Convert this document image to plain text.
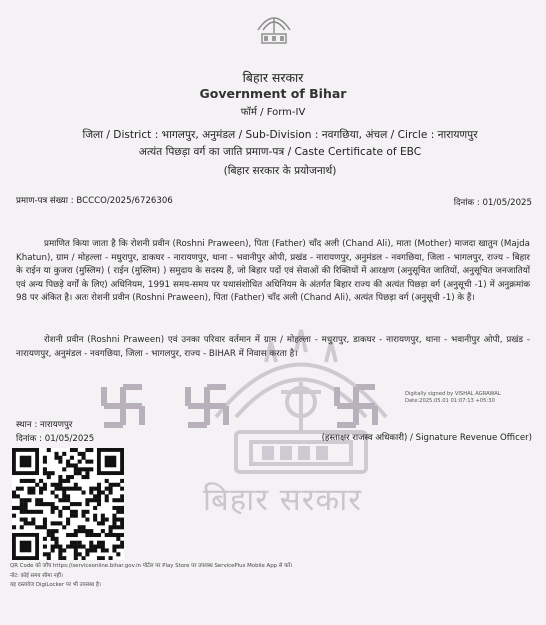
बिहार सरकार
बिहार सरकार
Government of Bihar
फॉर्म / Form-IV
जिला / District : भागलपुर, अनुमंडल / Sub-Division : नवगछिया, अंचल / Circle : नारायणपुर
अत्यंत पिछड़ा वर्ग का जाति प्रमाण-पत्र / Caste Certificate of EBC
(बिहार सरकार के प्रयोजनार्थ)
प्रमाण-पत्र संख्या : BCCCO/2025/6726306	दिनांक : 01/05/2025
प्रमाणित किया जाता है कि रोशनी प्रवीन (Roshni Praween), पिता (Father) चाँद अली (Chand Ali), माता (Mother) माजदा खातुन (Majda Khatun), ग्राम / मोहल्ला - मधुरापुर, डाकघर - नारायणपुर, थाना - भवानीपुर ओपी, प्रखंड - नारायणपुर, अनुमंडल - नवगछिया, जिला - भागलपुर, राज्य - बिहार के राईन या कुजरा (मुस्लिम) ( राईन (मुस्लिम) ) समुदाय के सदस्य हैं, जो बिहार पदों एवं सेवाओं की रिक्तियों में आरक्षण (अनुसूचित जातियों, अनुसूचित जनजातियों एवं अन्य पिछड़े वर्गों के लिए) अधिनियम, 1991 समय-समय पर यथासंशोधित अधिनियम के अंतर्गत बिहार राज्य की अत्यंत पिछड़ा वर्ग (अनुसूची -1) में अनुक्रमांक 98 पर अंकित है। अतः रोशनी प्रवीन (Roshni Praween), पिता (Father) चाँद अली (Chand Ali), अत्यंत पिछड़ा वर्ग (अनुसूची -1) के हैं।
रोशनी प्रवीन (Roshni Praween) एवं उनका परिवार वर्तमान में ग्राम / मोहल्ला - मधुरापुर, डाकघर - नारायणपुर, थाना - भवानीपुर ओपी, प्रखंड - नारायणपुर, अनुमंडल - नवगछिया, जिला - भागलपुर, राज्य - BIHAR में निवास करता है।
Digitally signed by VISHAL AGRAWAL
Date:2025.05.01 01:07:13 +05:30
स्थान : नारायणपुर
दिनांक : 01/05/2025	(हस्ताक्षर राजस्व अधिकारी) / Signature Revenue Officer)
QR Code को जाँच https://serviceonline.bihar.gov.in पोर्टल पर Play Store पर उपलब्ध ServicePlus Mobile App से करें।
नोट: कोई समय सीमा नहीं।
यह दस्तावेज DigiLocker पर भी उपलब्ध है।
